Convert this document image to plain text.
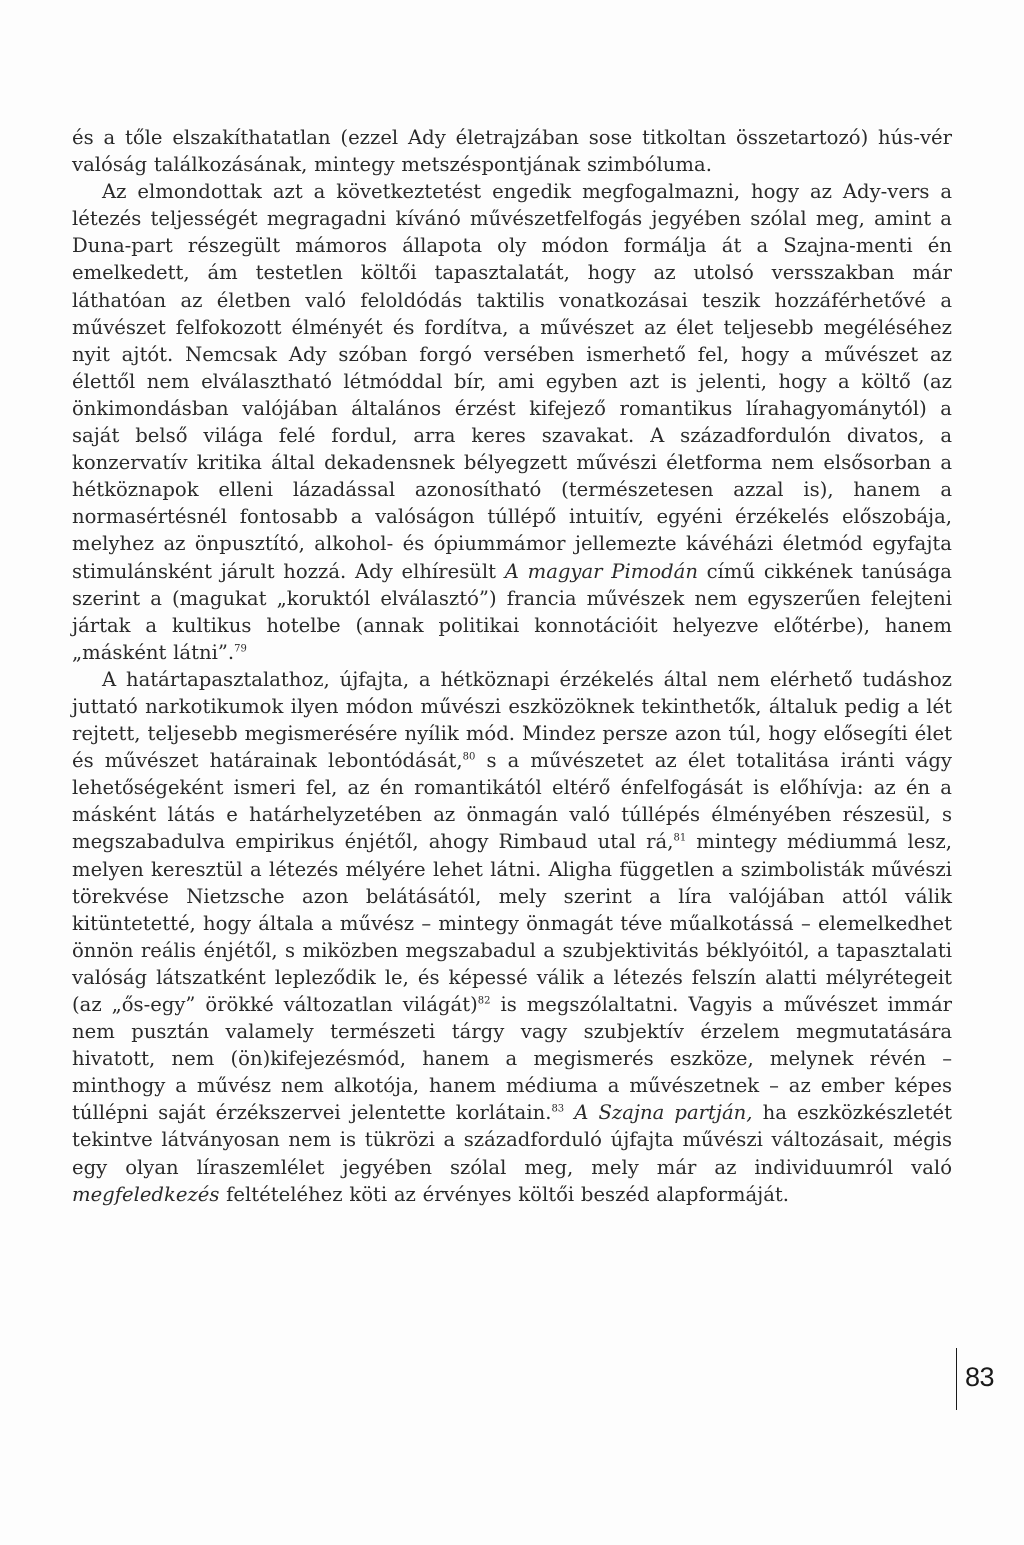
és a tőle elszakíthatatlan (ezzel Ady életrajzában sose titkoltan összetartozó) hús-vér valóság találkozásának, mintegy metszéspontjának szimbóluma.

Az elmondottak azt a következtetést engedik megfogalmazni, hogy az Ady-vers a létezés teljességét megragadni kívánó művészetfelfogás jegyében szólal meg, amint a Duna-part részegült mámoros állapota oly módon formálja át a Szajna-menti én emelkedett, ám testetlen költői tapasztalatát, hogy az utolsó versszakban már láthatóan az életben való feloldódás taktilis vonatkozásai teszik hozzáférhetővé a művészet felfokozott élményét és fordítva, a művészet az élet teljesebb megéléséhez nyit ajtót. Nemcsak Ady szóban forgó versében ismerhető fel, hogy a művészet az élettől nem elválasztható létmóddal bír, ami egyben azt is jelenti, hogy a költő (az önkimondásban valójában általános érzést kifejező romantikus lírahagyománytól) a saját belső világa felé fordul, arra keres szavakat. A századfordulón divatos, a konzervatív kritika által dekadensnek bélyegzett művészi életforma nem elsősorban a hétköznapok elleni lázadással azonosítható (természetesen azzal is), hanem a normasértésnél fontosabb a valóságon túllépő intuitív, egyéni érzékelés előszobája, melyhez az önpusztító, alkohol- és ópiummámor jellemezte kávéházi életmód egyfajta stimulánsként járult hozzá. Ady elhíresült A magyar Pimodán című cikkének tanúsága szerint a (magukat „koruktól elválasztó”) francia művészek nem egyszerűen felejteni jártak a kultikus hotelbe (annak politikai konnotációit helyezve előtérbe), hanem „másként látni”.$^{79}$

A határtapasztalathoz, újfajta, a hétköznapi érzékelés által nem elérhető tudáshoz juttató narkotikumok ilyen módon művészi eszközöknek tekinthetők, általuk pedig a lét rejtett, teljesebb megismerésére nyílik mód. Mindez persze azon túl, hogy elősegíti élet és művészet határainak lebontódását,$^{80}$ s a művészetet az élet totalitása iránti vágy lehetőségeként ismeri fel, az én romantikától eltérő énfelfogását is előhívja: az én a másként látás e határhelyzetében az önmagán való túllépés élményében részesül, s megszabadulva empirikus énjétől, ahogy Rimbaud utal rá,$^{81}$ mintegy médiummá lesz, melyen keresztül a létezés mélyére lehet látni. Aligha független a szimbolisták művészi törekvése Nietzsche azon belátásától, mely szerint a líra valójában attól válik kitüntetetté, hogy általa a művész – mintegy önmagát téve műalkotássá – elemelkedhet önnön reális énjétől, s miközben megszabadul a szubjektivitás béklyóitól, a tapasztalati valóság látszatként lepleződik le, és képessé válik a létezés felszín alatti mélyrétegeit (az „ős-egy” örökké változatlan világát)$^{82}$ is megszólaltatni. Vagyis a művészet immár nem pusztán valamely természeti tárgy vagy szubjektív érzelem megmutatására hivatott, nem (ön)kifejezésmód, hanem a megismerés eszköze, melynek révén – minthogy a művész nem alkotója, hanem médiuma a művészetnek – az ember képes túllépni saját érzékszervei jelentette korlátain.$^{83}$ A Szajna partján, ha eszközkészletét tekintve látványosan nem is tükrözi a századforduló újfajta művészi változásait, mégis egy olyan líraszemlélet jegyében szólal meg, mely már az individuumról való megfeledkezés feltételéhez köti az érvényes költői beszéd alapformáját.

83
